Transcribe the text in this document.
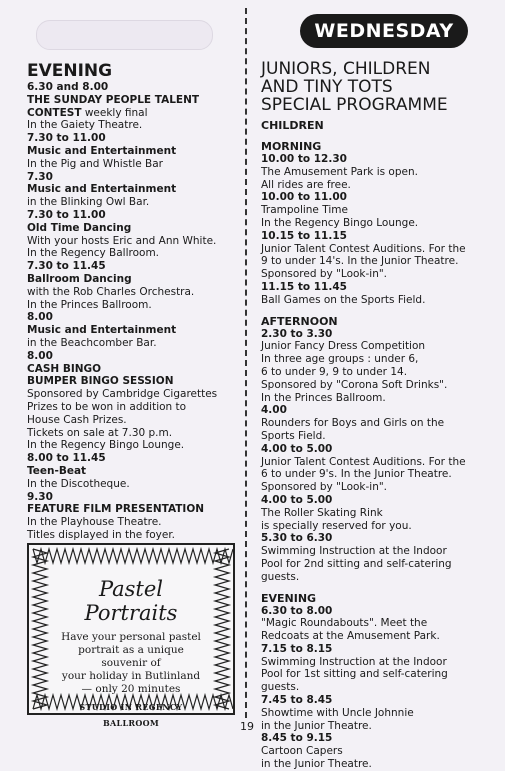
WEDNESDAY
EVENING
6.30 and 8.00
THE SUNDAY PEOPLE TALENT
CONTEST weekly final
In the Gaiety Theatre.
7.30 to 11.00
Music and Entertainment
In the Pig and Whistle Bar
7.30
Music and Entertainment
in the Blinking Owl Bar.
7.30 to 11.00
Old Time Dancing
With your hosts Eric and Ann White.
In the Regency Ballroom.
7.30 to 11.45
Ballroom Dancing
with the Rob Charles Orchestra.
In the Princes Ballroom.
8.00
Music and Entertainment
in the Beachcomber Bar.
8.00
CASH BINGO
BUMPER BINGO SESSION
Sponsored by Cambridge Cigarettes
Prizes to be won in addition to
House Cash Prizes.
Tickets on sale at 7.30 p.m.
In the Regency Bingo Lounge.
8.00 to 11.45
Teen-Beat
In the Discotheque.
9.30
FEATURE FILM PRESENTATION
In the Playhouse Theatre.
Titles displayed in the foyer.
Pastel Portraits
Have your personal pastel
portrait as a unique souvenir of
your holiday in Butlinland
— only 20 minutes
STUDIO IN REGENCY
BALLROOM
JUNIORS, CHILDREN
AND TINY TOTS
SPECIAL PROGRAMME
CHILDREN
MORNING
10.00 to 12.30
The Amusement Park is open.
All rides are free.
10.00 to 11.00
Trampoline Time
In the Regency Bingo Lounge.
10.15 to 11.15
Junior Talent Contest Auditions. For the
9 to under 14's. In the Junior Theatre.
Sponsored by "Look-in".
11.15 to 11.45
Ball Games on the Sports Field.
AFTERNOON
2.30 to 3.30
Junior Fancy Dress Competition
In three age groups : under 6,
6 to under 9, 9 to under 14.
Sponsored by "Corona Soft Drinks".
In the Princes Ballroom.
4.00
Rounders for Boys and Girls on the
Sports Field.
4.00 to 5.00
Junior Talent Contest Auditions. For the
6 to under 9's. In the Junior Theatre.
Sponsored by "Look-in".
4.00 to 5.00
The Roller Skating Rink
is specially reserved for you.
5.30 to 6.30
Swimming Instruction at the Indoor
Pool for 2nd sitting and self-catering
guests.
EVENING
6.30 to 8.00
"Magic Roundabouts". Meet the
Redcoats at the Amusement Park.
7.15 to 8.15
Swimming Instruction at the Indoor
Pool for 1st sitting and self-catering
guests.
7.45 to 8.45
Showtime with Uncle Johnnie
in the Junior Theatre.
8.45 to 9.15
Cartoon Capers
in the Junior Theatre.
19
